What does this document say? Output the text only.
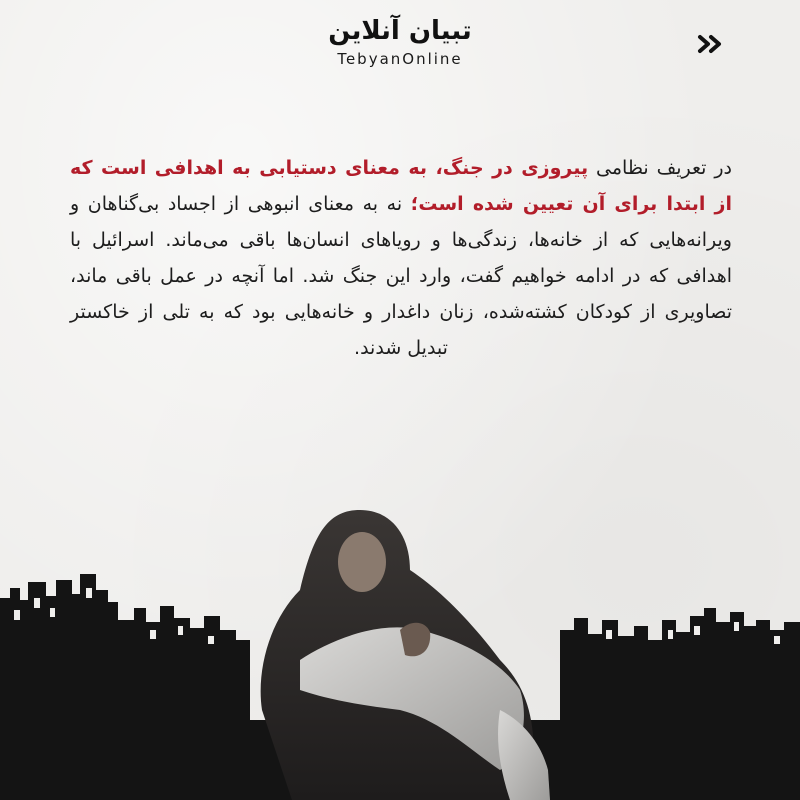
تبیان آنلاین
TebyanOnline
در تعریف نظامی پیروزی در جنگ، به معنای دستیابی به اهدافی است که از ابتدا برای آن تعیین شده است؛ نه به معنای انبوهی از اجساد بی‌گناهان و ویرانه‌هایی که از خانه‌ها، زندگی‌ها و رویاهای انسان‌ها باقی می‌ماند. اسرائیل با اهدافی که در ادامه خواهیم گفت، وارد این جنگ شد. اما آنچه در عمل باقی ماند، تصاویری از کودکان کشته‌شده، زنان داغدار و خانه‌هایی بود که به تلی از خاکستر تبدیل شدند.
